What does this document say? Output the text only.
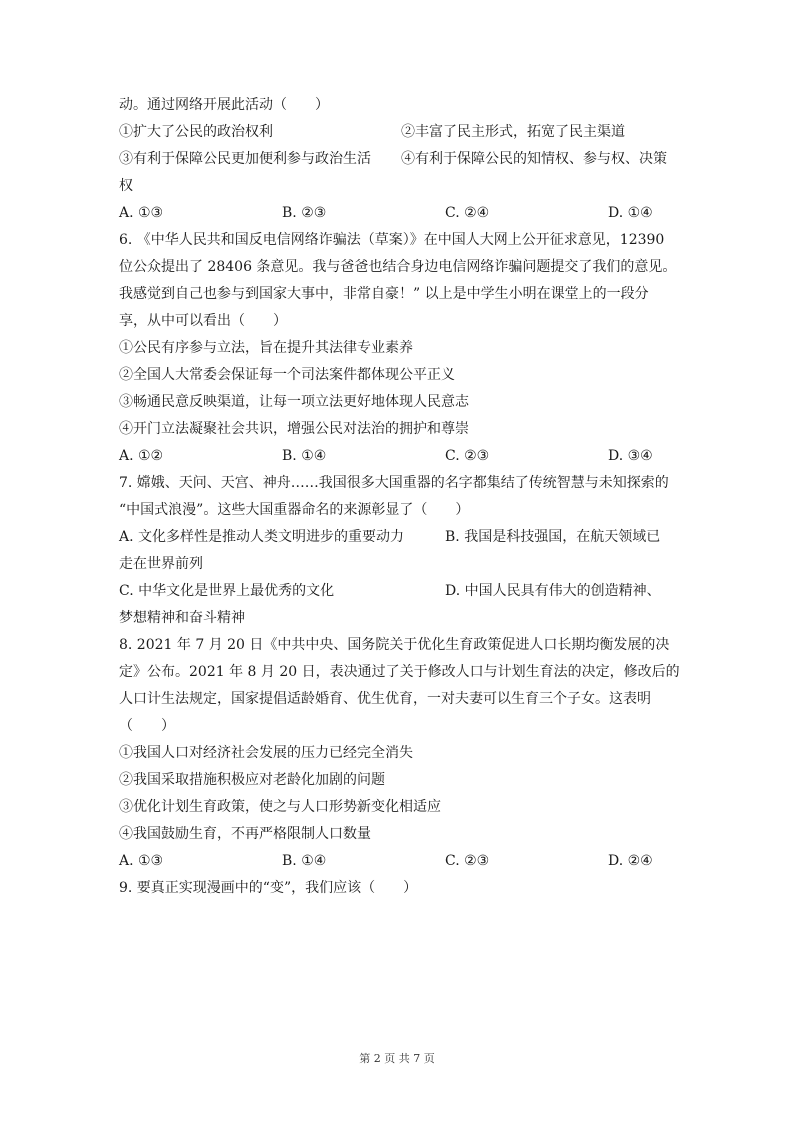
动。通过网络开展此活动（　　）
①扩大了公民的政治权利	②丰富了民主形式，拓宽了民主渠道
③有利于保障公民更加便利参与政治生活	④有利于保障公民的知情权、参与权、决策
权
A. ①③	B. ②③	C. ②④	D. ①④
6. 《中华人民共和国反电信网络诈骗法（草案）》在中国人大网上公开征求意见，12390
位公众提出了 28406 条意见。我与爸爸也结合身边电信网络诈骗问题提交了我们的意见。
我感觉到自己也参与到国家大事中，非常自豪！” 以上是中学生小明在课堂上的一段分
享，从中可以看出（　　）
①公民有序参与立法，旨在提升其法律专业素养
②全国人大常委会保证每一个司法案件都体现公平正义
③畅通民意反映渠道，让每一项立法更好地体现人民意志
④开门立法凝聚社会共识，增强公民对法治的拥护和尊崇
A. ①②	B. ①④	C. ②③	D. ③④
7. 嫦娥、天问、天宫、神舟……我国很多大国重器的名字都集结了传统智慧与未知探索的
“中国式浪漫”。这些大国重器命名的来源彰显了（　　）
A. 文化多样性是推动人类文明进步的重要动力	B. 我国是科技强国，在航天领域已
走在世界前列
C. 中华文化是世界上最优秀的文化	D. 中国人民具有伟大的创造精神、
梦想精神和奋斗精神
8. 2021 年 7 月 20 日《中共中央、国务院关于优化生育政策促进人口长期均衡发展的决
定》公布。2021 年 8 月 20 日，表决通过了关于修改人口与计划生育法的决定，修改后的
人口计生法规定，国家提倡适龄婚育、优生优育，一对夫妻可以生育三个子女。这表明
（　　）
①我国人口对经济社会发展的压力已经完全消失
②我国采取措施积极应对老龄化加剧的问题
③优化计划生育政策，使之与人口形势新变化相适应
④我国鼓励生育，不再严格限制人口数量
A. ①③	B. ①④	C. ②③	D. ②④
9. 要真正实现漫画中的“变”，我们应该（　　）
第 2 页 共 7 页
